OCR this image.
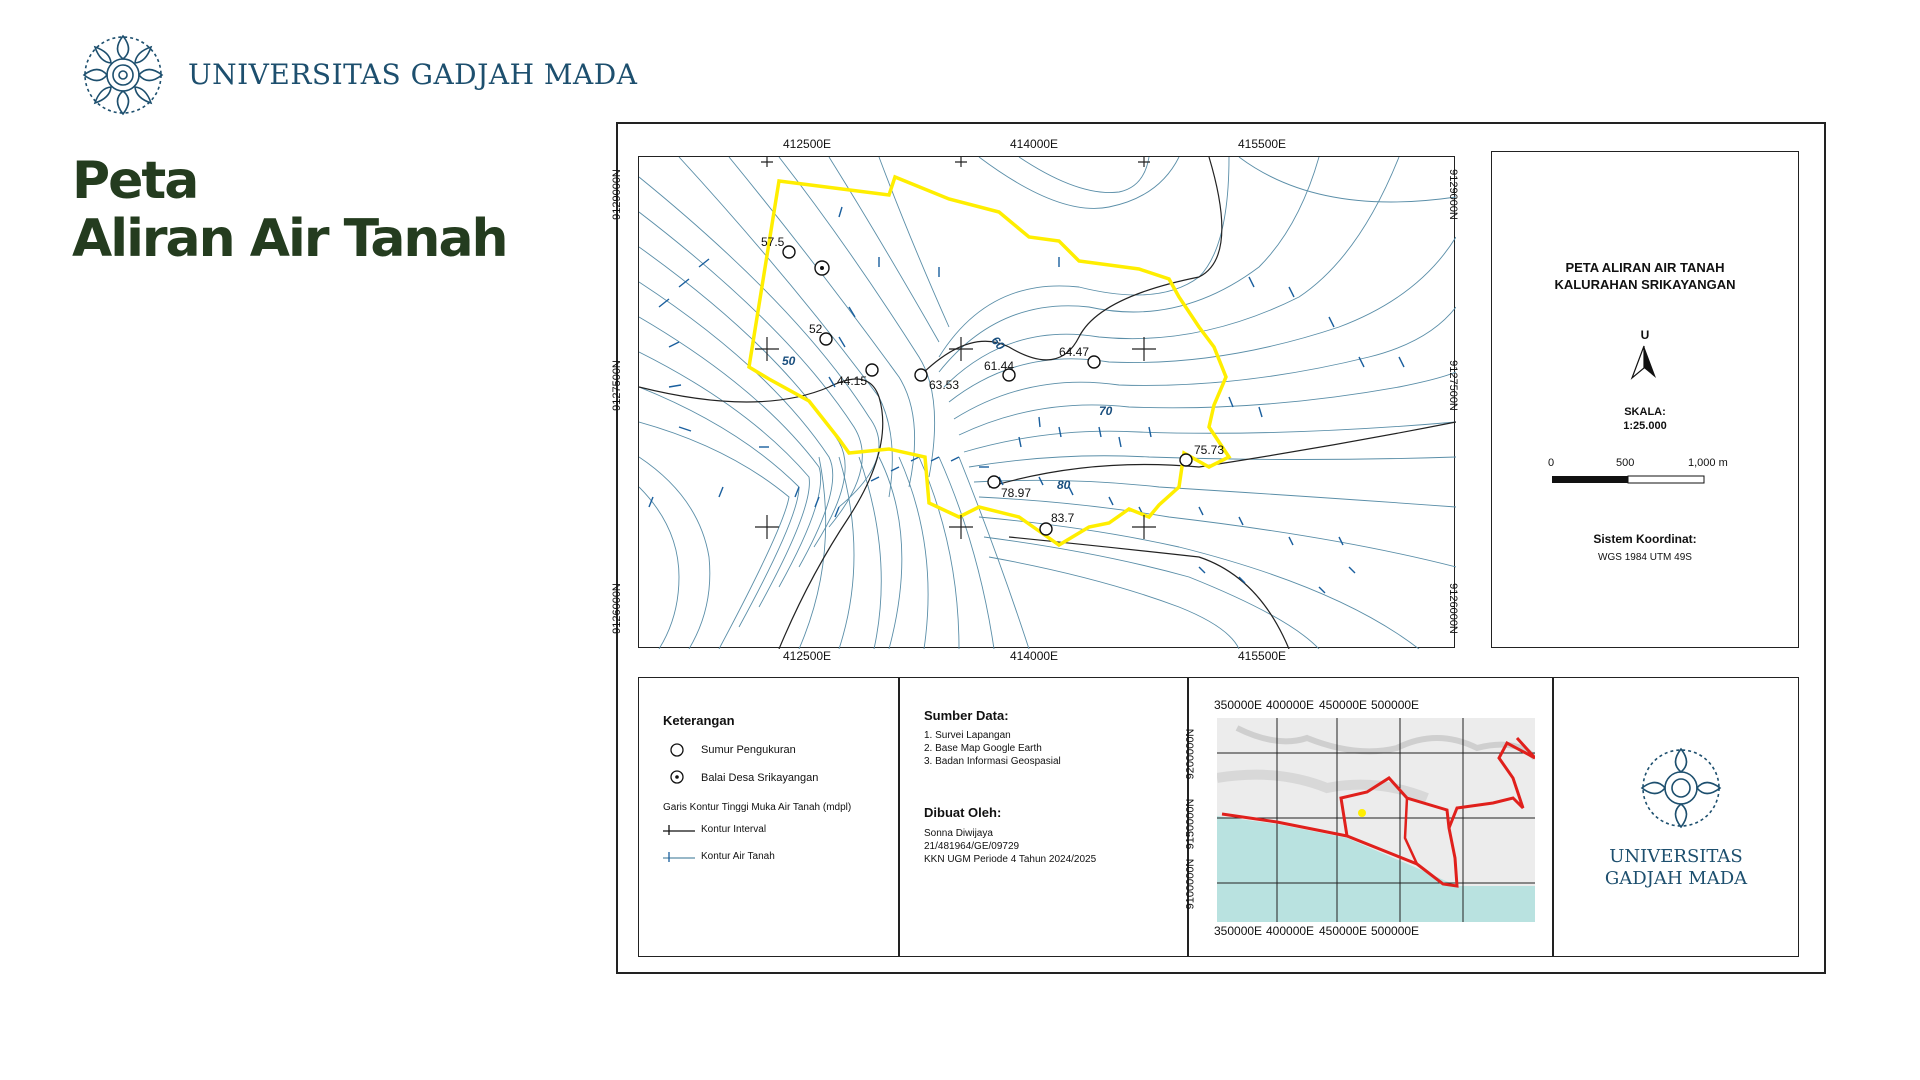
UNIVERSITAS GADJAH MADA
Peta
Aliran Air Tanah	57.5
52
44.15	63.53
61.44
64.47
75.73
78.97
83.7
50
60
70
80
412500E	414000E	415500E
412500E	414000E	415500E
9129000N
9127500N
9126000N
9129000N
9127500N
9126000N
PETA ALIRAN AIR TANAH
KALURAHAN SRIKAYANGAN
U
SKALA:
1:25.000
0	500	1,000 m
Sistem Koordinat:
WGS 1984 UTM 49S
Keterangan
Sumur Pengukuran
Balai Desa Srikayangan
Garis Kontur Tinggi Muka Air Tanah (mdpl)
Kontur Interval
Kontur Air Tanah
Sumber Data:
1. Survei Lapangan
2. Base Map Google Earth
3. Badan Informasi Geospasial
Dibuat Oleh:
Sonna Diwijaya
21/481964/GE/09729
KKN UGM Periode 4 Tahun 2024/2025
350000E 400000E 450000E 500000E
350000E 400000E 450000E 500000E
9100000N
9150000N
9200000N
UNIVERSITAS
GADJAH MADA
